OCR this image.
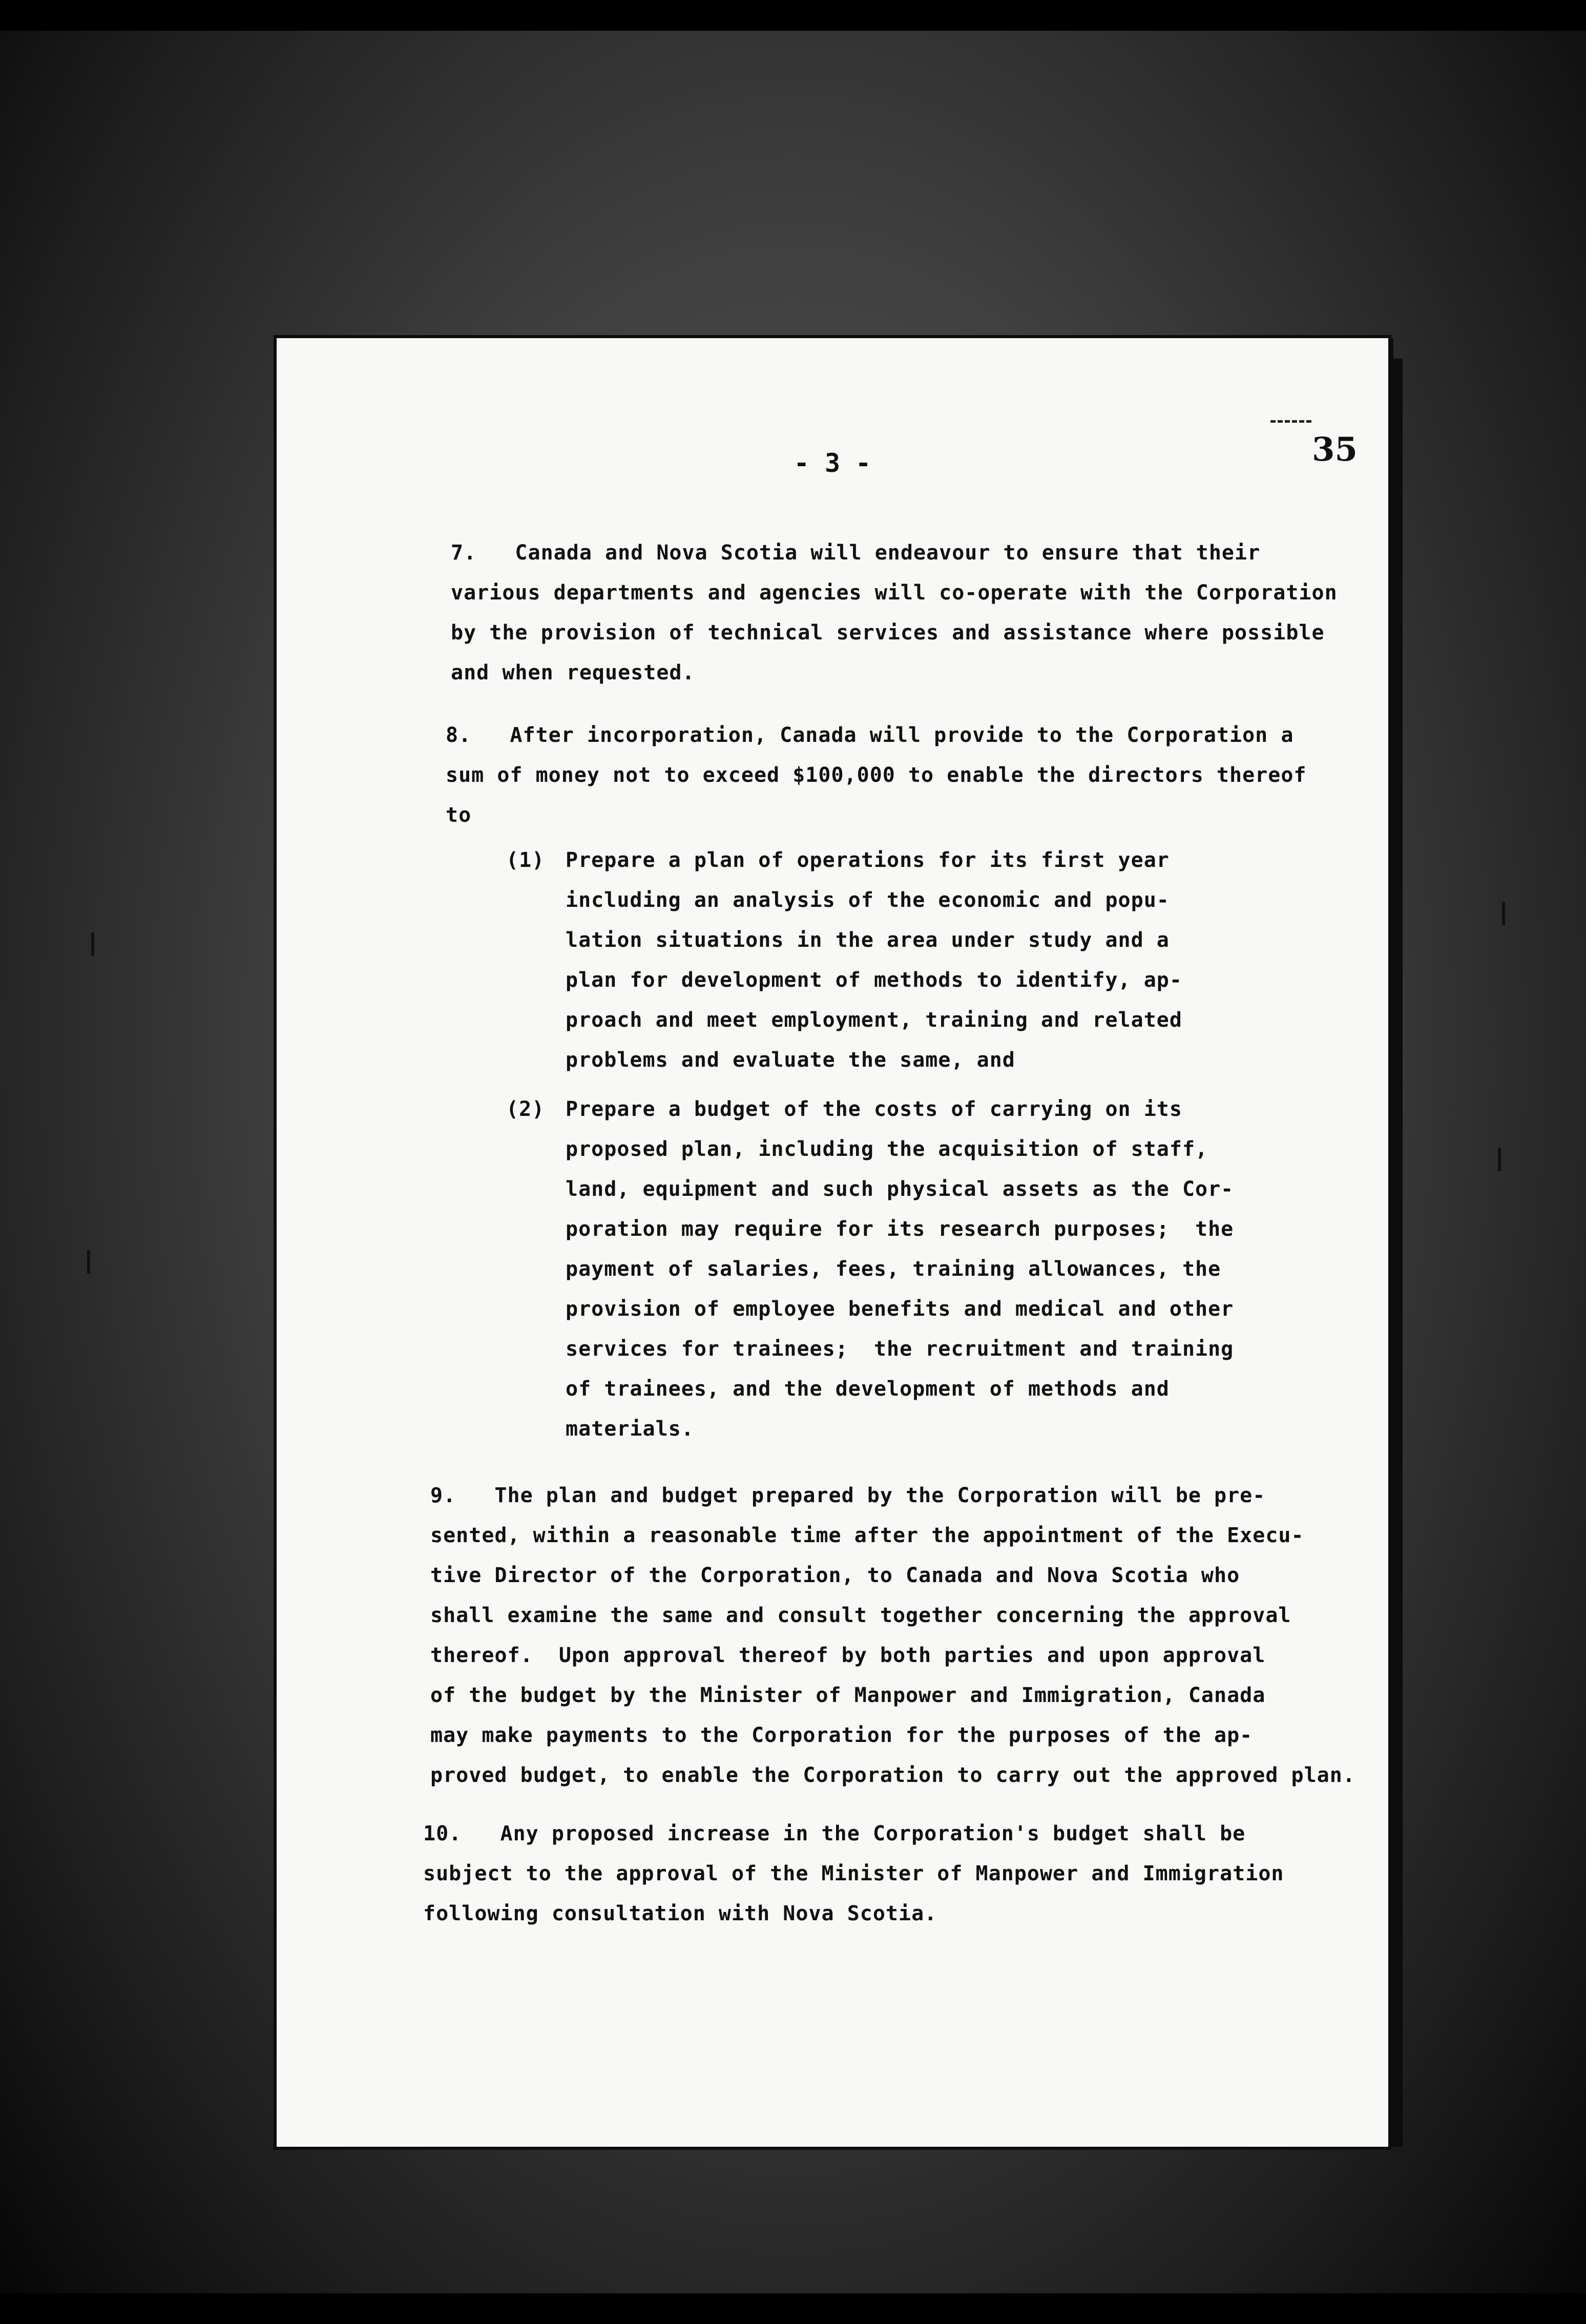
35
- 3 -
7.   Canada and Nova Scotia will endeavour to ensure that their
various departments and agencies will co-operate with the Corporation
by the provision of technical services and assistance where possible
and when requested.
8.   After incorporation, Canada will provide to the Corporation a
sum of money not to exceed $100,000 to enable the directors thereof
to
(1) Prepare a plan of operations for its first year
including an analysis of the economic and popu-
lation situations in the area under study and a
plan for development of methods to identify, ap-
proach and meet employment, training and related
problems and evaluate the same, and
(2) Prepare a budget of the costs of carrying on its
proposed plan, including the acquisition of staff,
land, equipment and such physical assets as the Cor-
poration may require for its research purposes;  the
payment of salaries, fees, training allowances, the
provision of employee benefits and medical and other
services for trainees;  the recruitment and training
of trainees, and the development of methods and
materials.
9.   The plan and budget prepared by the Corporation will be pre-
sented, within a reasonable time after the appointment of the Execu-
tive Director of the Corporation, to Canada and Nova Scotia who
shall examine the same and consult together concerning the approval
thereof.  Upon approval thereof by both parties and upon approval
of the budget by the Minister of Manpower and Immigration, Canada
may make payments to the Corporation for the purposes of the ap-
proved budget, to enable the Corporation to carry out the approved plan.
10.   Any proposed increase in the Corporation's budget shall be
subject to the approval of the Minister of Manpower and Immigration
following consultation with Nova Scotia.
